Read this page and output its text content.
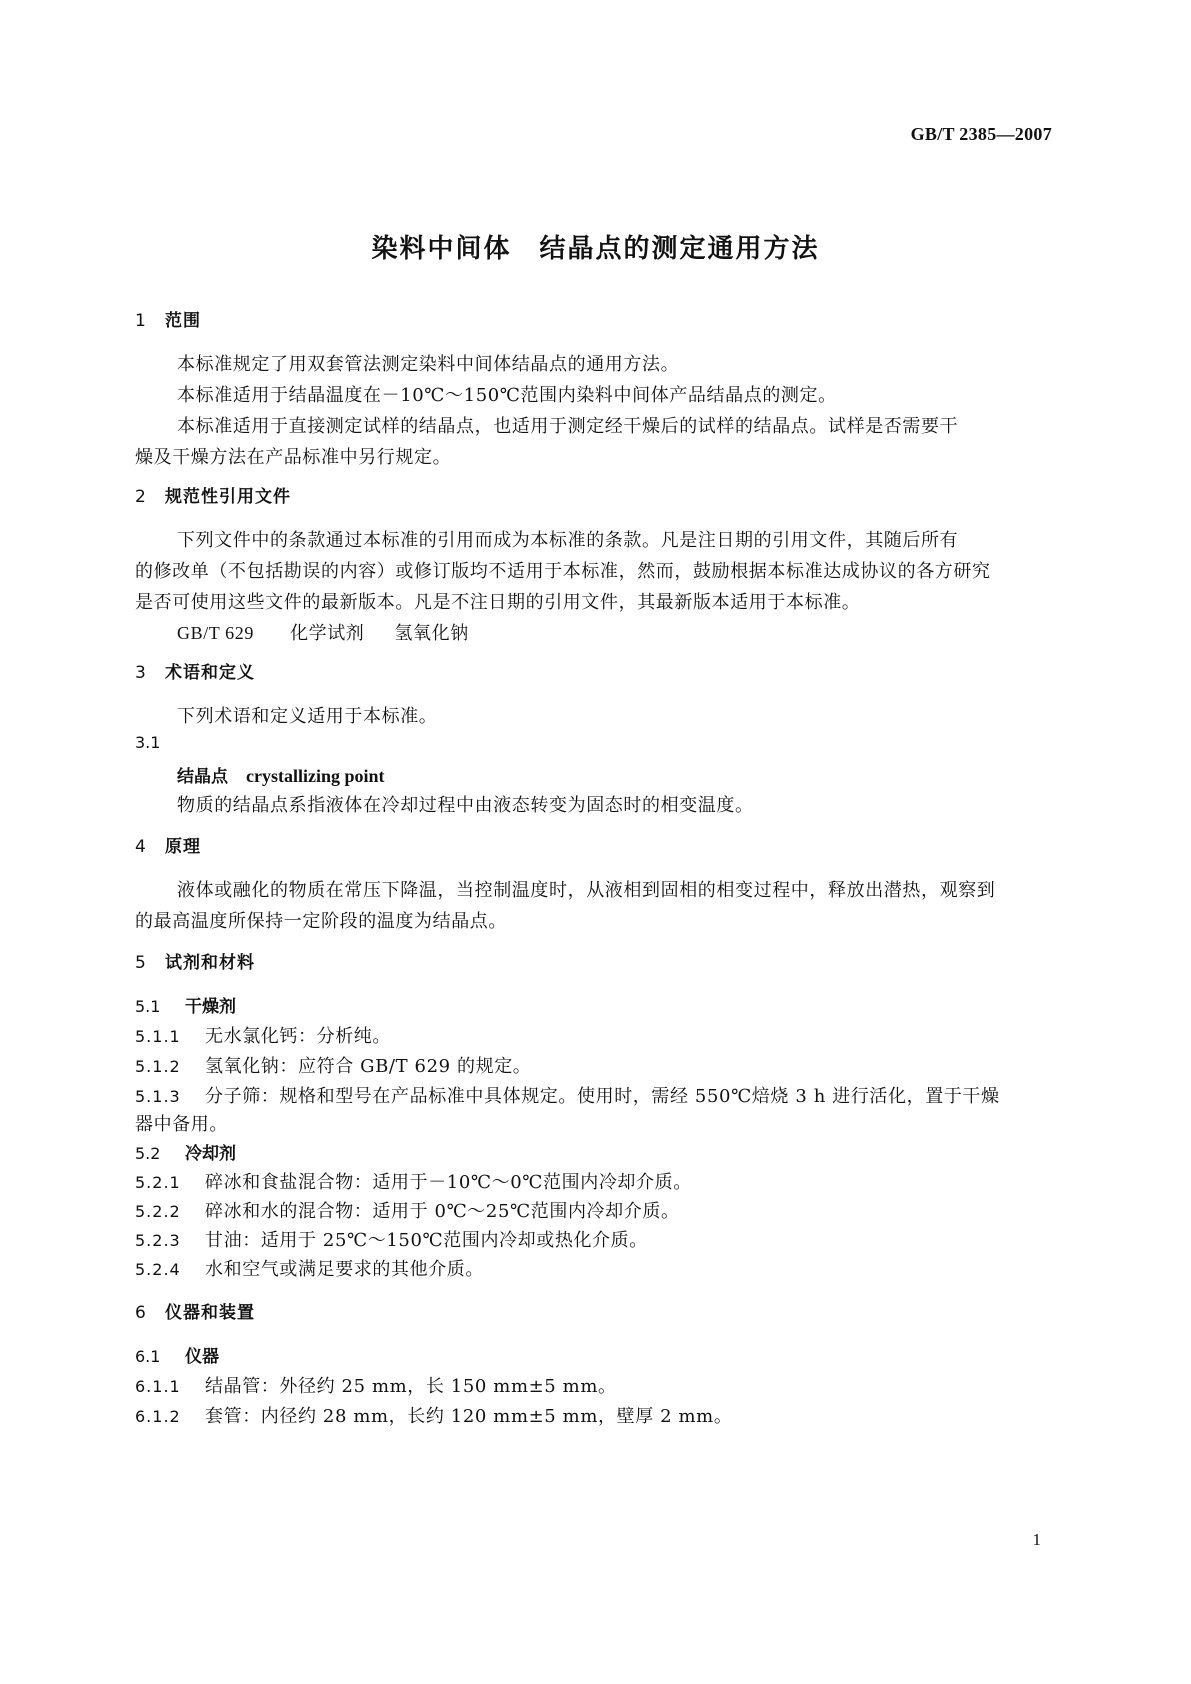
GB/T 2385—2007
染料中间体　结晶点的测定通用方法
1 范围
本标准规定了用双套管法测定染料中间体结晶点的通用方法。
本标准适用于结晶温度在－10℃～150℃范围内染料中间体产品结晶点的测定。
本标准适用于直接测定试样的结晶点，也适用于测定经干燥后的试样的结晶点。试样是否需要干
燥及干燥方法在产品标准中另行规定。
2 规范性引用文件
下列文件中的条款通过本标准的引用而成为本标准的条款。凡是注日期的引用文件，其随后所有
的修改单（不包括勘误的内容）或修订版均不适用于本标准，然而，鼓励根据本标准达成协议的各方研究
是否可使用这些文件的最新版本。凡是不注日期的引用文件，其最新版本适用于本标准。
GB/T 629 化学试剂 氢氧化钠
3 术语和定义
下列术语和定义适用于本标准。
3.1
结晶点 crystallizing point
物质的结晶点系指液体在冷却过程中由液态转变为固态时的相变温度。
4 原理
液体或融化的物质在常压下降温，当控制温度时，从液相到固相的相变过程中，释放出潜热，观察到
的最高温度所保持一定阶段的温度为结晶点。
5 试剂和材料
5.1 干燥剂
5.1.1 无水氯化钙：分析纯。
5.1.2 氢氧化钠：应符合 GB/T 629 的规定。
5.1.3 分子筛：规格和型号在产品标准中具体规定。使用时，需经 550℃焙烧 3 h 进行活化，置于干燥
器中备用。
5.2 冷却剂
5.2.1 碎冰和食盐混合物：适用于－10℃～0℃范围内冷却介质。
5.2.2 碎冰和水的混合物：适用于 0℃～25℃范围内冷却介质。
5.2.3 甘油：适用于 25℃～150℃范围内冷却或热化介质。
5.2.4 水和空气或满足要求的其他介质。
6 仪器和装置
6.1 仪器
6.1.1 结晶管：外径约 25 mm，长 150 mm±5 mm。
6.1.2 套管：内径约 28 mm，长约 120 mm±5 mm，壁厚 2 mm。
1
